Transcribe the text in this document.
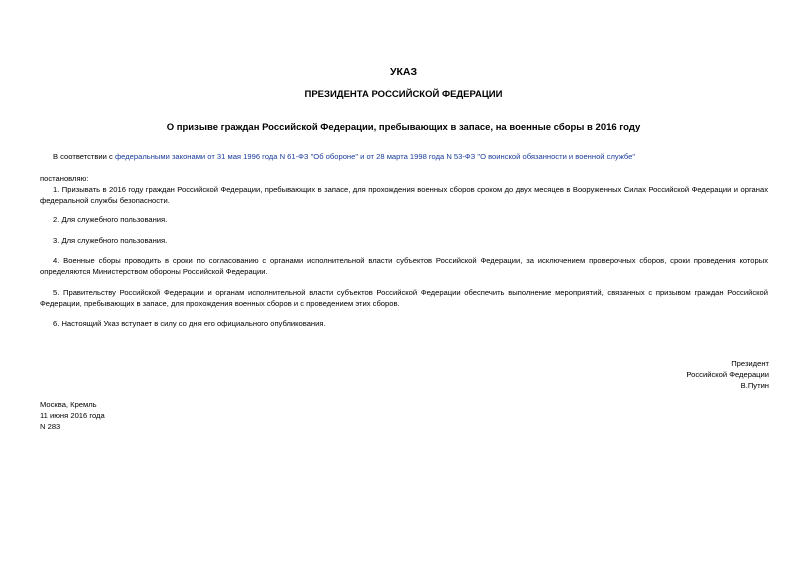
УКАЗ
ПРЕЗИДЕНТА РОССИЙСКОЙ ФЕДЕРАЦИИ
О призыве граждан Российской Федерации, пребывающих в запасе, на военные сборы в 2016 году
В соответствии с федеральными законами от 31 мая 1996 года N 61-ФЗ "Об обороне" и от 28 марта 1998 года N 53-ФЗ "О воинской обязанности и военной службе"
постановляю:
1. Призывать в 2016 году граждан Российской Федерации, пребывающих в запасе, для прохождения военных сборов сроком до двух месяцев в Вооруженных Силах Российской Федерации и органах федеральной службы безопасности.
2. Для служебного пользования.
3. Для служебного пользования.
4. Военные сборы проводить в сроки по согласованию с органами исполнительной власти субъектов Российской Федерации, за исключением проверочных сборов, сроки проведения которых определяются Министерством обороны Российской Федерации.
5. Правительству Российской Федерации и органам исполнительной власти субъектов Российской Федерации обеспечить выполнение мероприятий, связанных с призывом граждан Российской Федерации, пребывающих в запасе, для прохождения военных сборов и с проведением этих сборов.
6. Настоящий Указ вступает в силу со дня его официального опубликования.
Президент
Российской Федерации
В.Путин
Москва, Кремль
11 июня 2016 года
N 283
